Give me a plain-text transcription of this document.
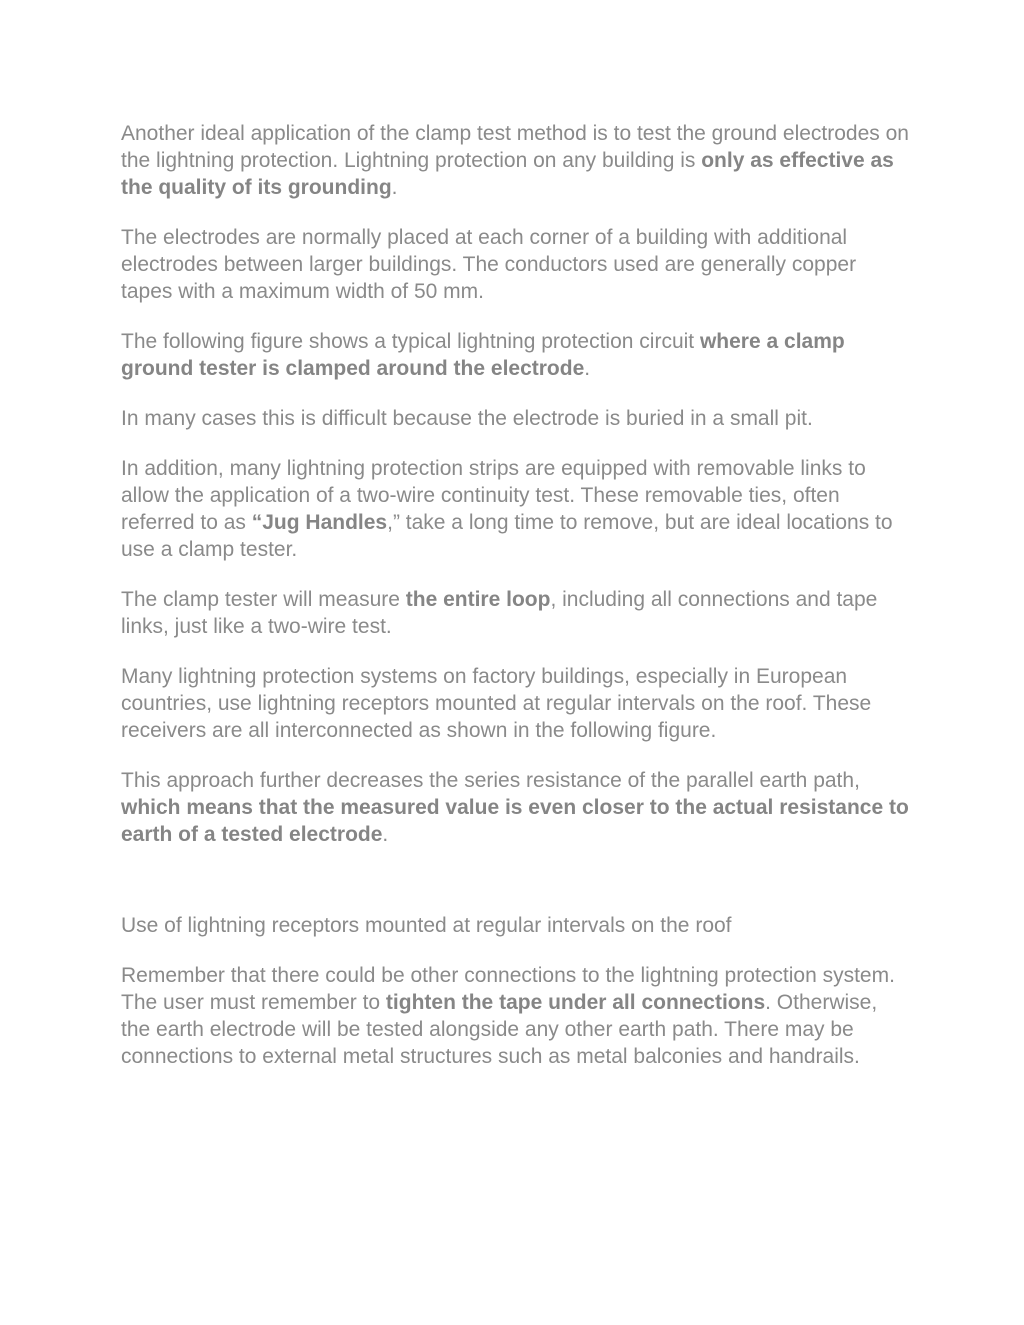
Another ideal application of the clamp test method is to test the ground electrodes on the lightning protection. Lightning protection on any building is only as effective as the quality of its grounding.

The electrodes are normally placed at each corner of a building with additional electrodes between larger buildings. The conductors used are generally copper tapes with a maximum width of 50 mm.

The following figure shows a typical lightning protection circuit where a clamp ground tester is clamped around the electrode.

In many cases this is difficult because the electrode is buried in a small pit.

In addition, many lightning protection strips are equipped with removable links to allow the application of a two-wire continuity test. These removable ties, often referred to as “Jug Handles,” take a long time to remove, but are ideal locations to use a clamp tester.

The clamp tester will measure the entire loop, including all connections and tape links, just like a two-wire test.

Many lightning protection systems on factory buildings, especially in European countries, use lightning receptors mounted at regular intervals on the roof. These receivers are all interconnected as shown in the following figure.

This approach further decreases the series resistance of the parallel earth path, which means that the measured value is even closer to the actual resistance to earth of a tested electrode.

Use of lightning receptors mounted at regular intervals on the roof

Remember that there could be other connections to the lightning protection system. The user must remember to tighten the tape under all connections. Otherwise, the earth electrode will be tested alongside any other earth path. There may be connections to external metal structures such as metal balconies and handrails.
